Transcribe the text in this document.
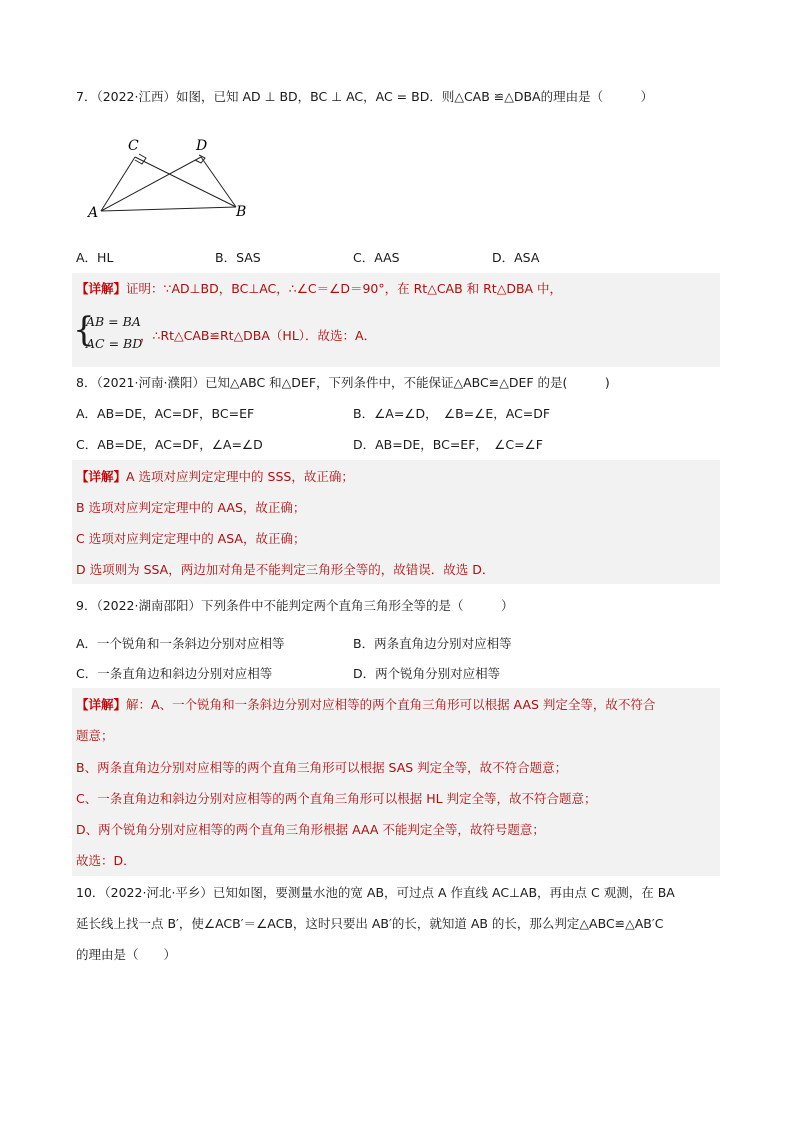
7．（2022·江西）如图，已知 AD ⊥ BD，BC ⊥ AC，AC = BD．则△CAB ≌△DBA的理由是（　　　）
C	D
A	B
A．HL	B．SAS	C．AAS	D．ASA
【详解】证明：∵AD⊥BD，BC⊥AC，∴∠C＝∠D＝90°，在 Rt△CAB 和 Rt△DBA 中，
{
AB = BA
AC = BD
，∴Rt△CAB≌Rt△DBA（HL）．故选：A．
8．（2021·河南·濮阳）已知△ABC 和△DEF，下列条件中，不能保证△ABC≌△DEF 的是(　　　)
A．AB=DE，AC=DF，BC=EF	B．∠A=∠D，　∠B=∠E，AC=DF
C．AB=DE，AC=DF，∠A=∠D	D．AB=DE，BC=EF，　∠C=∠F
【详解】A 选项对应判定定理中的 SSS，故正确；
B 选项对应判定定理中的 AAS，故正确；
C 选项对应判定定理中的 ASA，故正确；
D 选项则为 SSA，两边加对角是不能判定三角形全等的，故错误．故选 D．
9．（2022·湖南邵阳）下列条件中不能判定两个直角三角形全等的是（　　　）
A．一个锐角和一条斜边分别对应相等	B．两条直角边分别对应相等
C．一条直角边和斜边分别对应相等	D．两个锐角分别对应相等
【详解】解：A、一个锐角和一条斜边分别对应相等的两个直角三角形可以根据 AAS 判定全等，故不符合
题意；
B、两条直角边分别对应相等的两个直角三角形可以根据 SAS 判定全等，故不符合题意；
C、一条直角边和斜边分别对应相等的两个直角三角形可以根据 HL 判定全等，故不符合题意；
D、两个锐角分别对应相等的两个直角三角形根据 AAA 不能判定全等，故符号题意；
故选：D．
10．（2022·河北·平乡）已知如图，要测量水池的宽 AB，可过点 A 作直线 AC⊥AB，再由点 C 观测，在 BA
延长线上找一点 B′，使∠ACB′＝∠ACB，这时只要出 AB′的长，就知道 AB 的长，那么判定△ABC≌△AB′C
的理由是（　　）
